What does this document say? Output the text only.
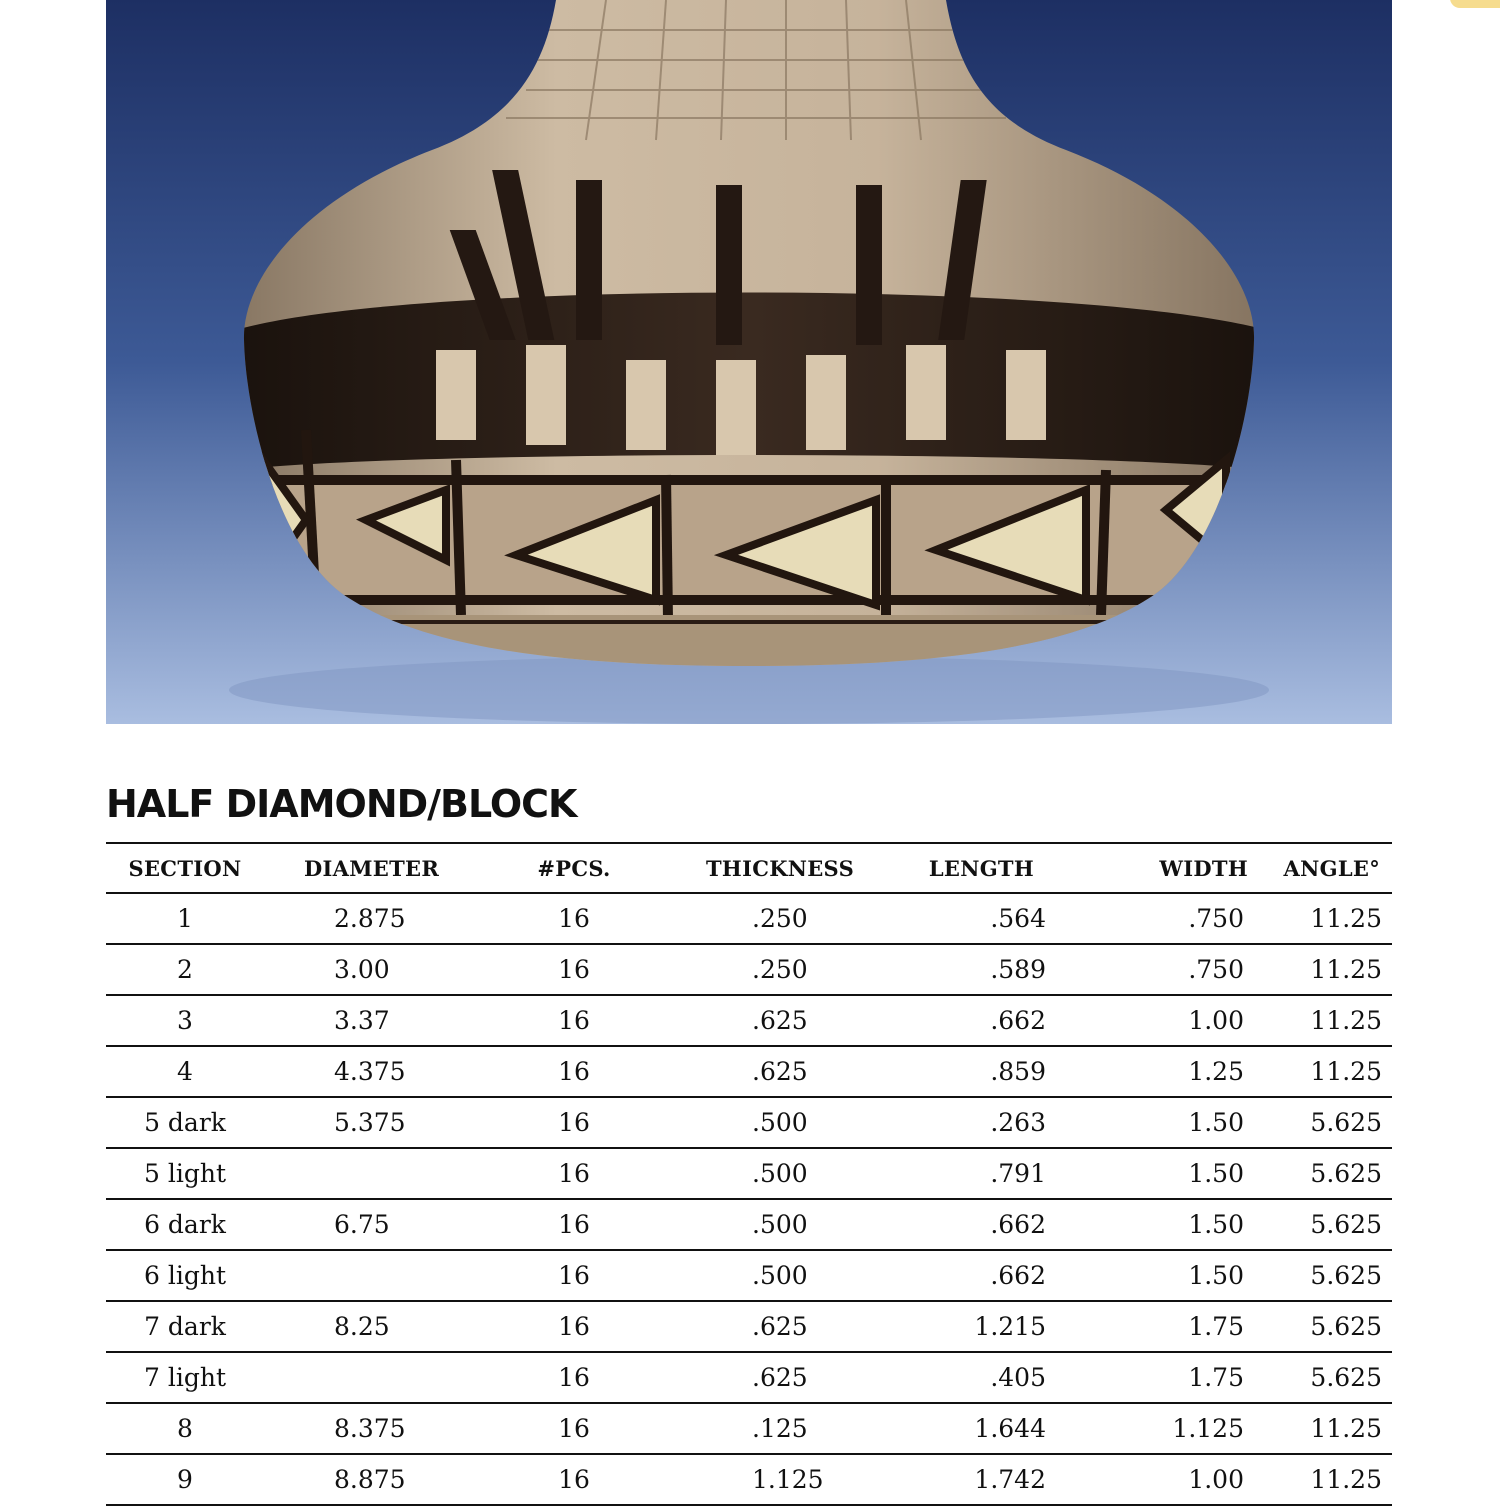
HALF DIAMOND/BLOCK
SECTION	DIAMETER	#PCS.	THICKNESS	LENGTH	WIDTH	ANGLE°
1	2.875	16	.250	.564	.750	11.25
2	3.00	16	.250	.589	.750	11.25
3	3.37	16	.625	.662	1.00	11.25
4	4.375	16	.625	.859	1.25	11.25
5 dark	5.375	16	.500	.263	1.50	5.625
5 light		16	.500	.791	1.50	5.625
6 dark	6.75	16	.500	.662	1.50	5.625
6 light		16	.500	.662	1.50	5.625
7 dark	8.25	16	.625	1.215	1.75	5.625
7 light		16	.625	.405	1.75	5.625
8	8.375	16	.125	1.644	1.125	11.25
9	8.875	16	1.125	1.742	1.00	11.25
